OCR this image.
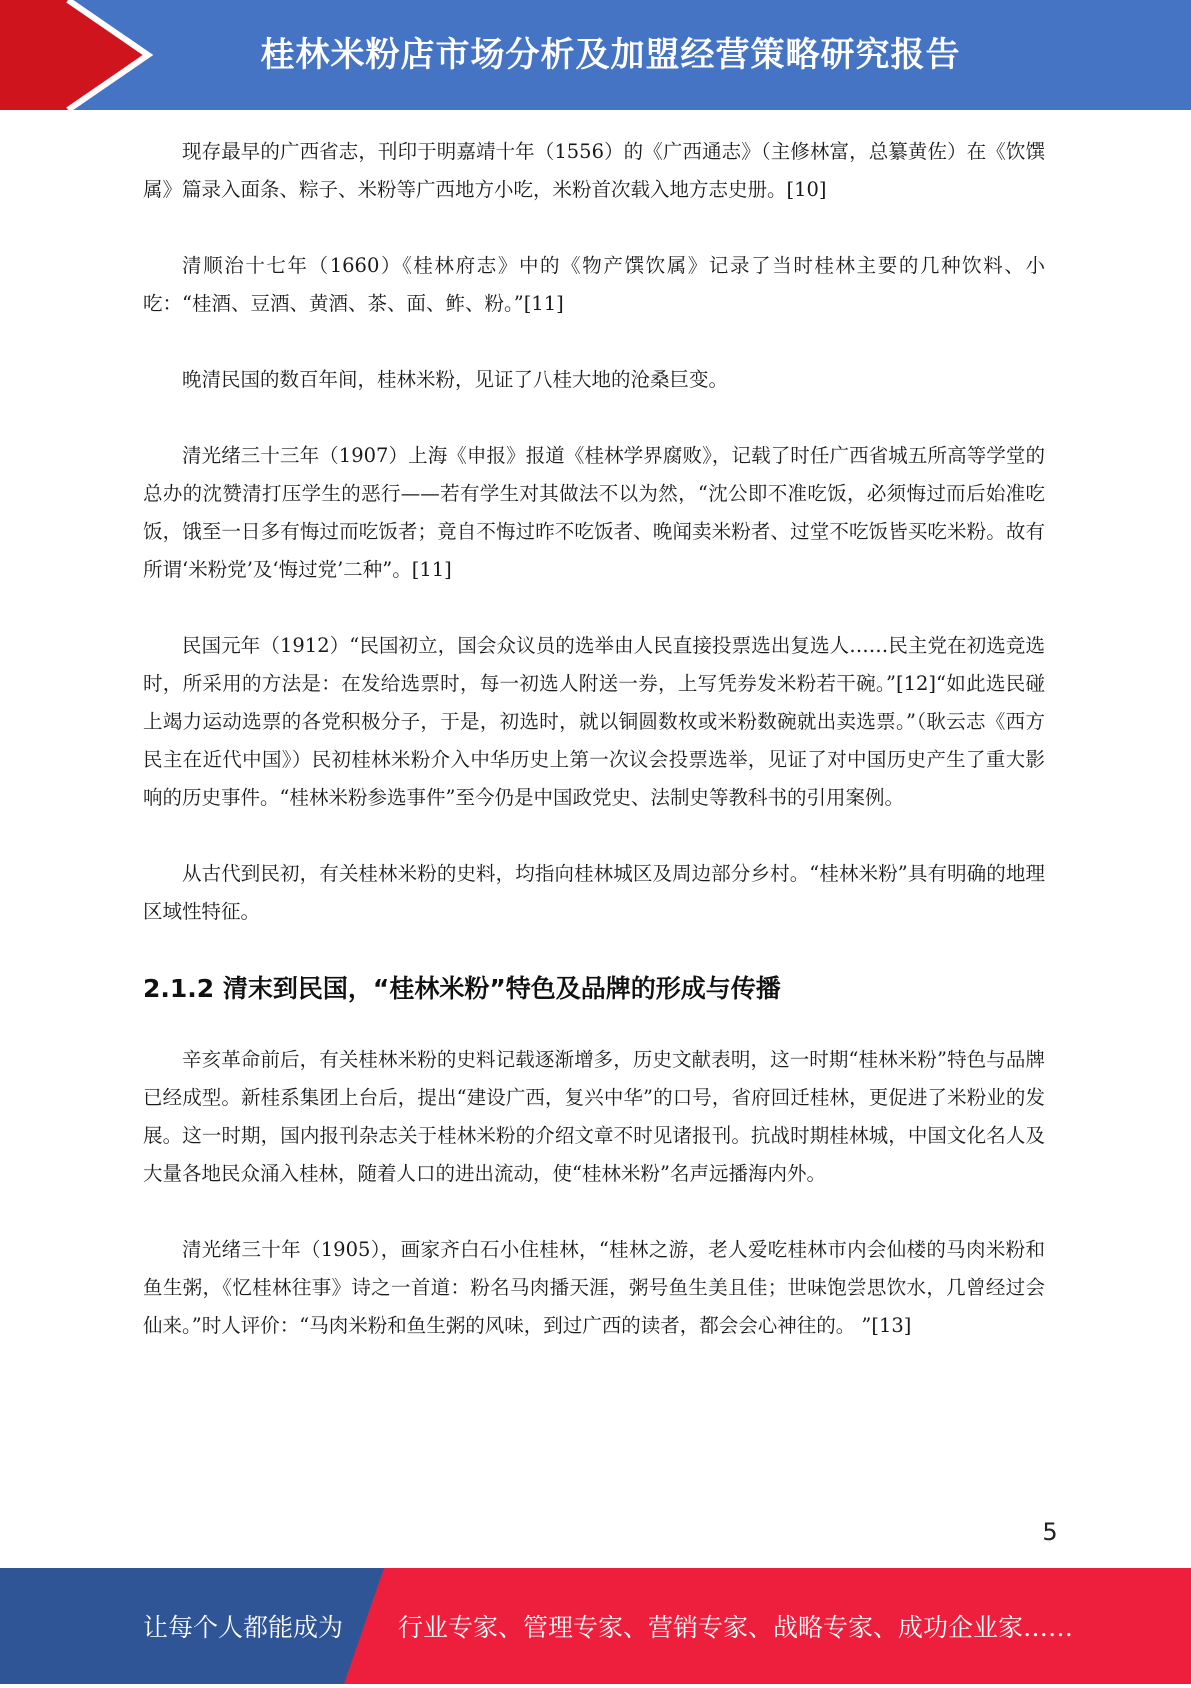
桂林米粉店市场分析及加盟经营策略研究报告

现存最早的广西省志，刊印于明嘉靖十年（1556）的《广西通志》（主修林富，总纂黄佐）在《饮馔属》篇录入面条、粽子、米粉等广西地方小吃，米粉首次载入地方志史册。[10]

清顺治十七年（1660）《桂林府志》中的《物产馔饮属》记录了当时桂林主要的几种饮料、小吃：“桂酒、豆酒、黄酒、茶、面、鲊、粉。”[11]

晚清民国的数百年间，桂林米粉，见证了八桂大地的沧桑巨变。

清光绪三十三年（1907）上海《申报》报道《桂林学界腐败》，记载了时任广西省城五所高等学堂的总办的沈赞清打压学生的恶行——若有学生对其做法不以为然，“沈公即不准吃饭，必须悔过而后始准吃饭，饿至一日多有悔过而吃饭者；竟自不悔过昨不吃饭者、晚闻卖米粉者、过堂不吃饭皆买吃米粉。故有所谓‘米粉党’及‘悔过党’二种”。[11]

民国元年（1912）“民国初立，国会众议员的选举由人民直接投票选出复选人……民主党在初选竞选时，所采用的方法是：在发给选票时，每一初选人附送一券，上写凭券发米粉若干碗。”[12]“如此选民碰上竭力运动选票的各党积极分子，于是，初选时，就以铜圆数枚或米粉数碗就出卖选票。”（耿云志《西方民主在近代中国》）民初桂林米粉介入中华历史上第一次议会投票选举，见证了对中国历史产生了重大影响的历史事件。“桂林米粉参选事件”至今仍是中国政党史、法制史等教科书的引用案例。

从古代到民初，有关桂林米粉的史料，均指向桂林城区及周边部分乡村。“桂林米粉”具有明确的地理区域性特征。

2.1.2 清末到民国，“桂林米粉”特色及品牌的形成与传播

辛亥革命前后，有关桂林米粉的史料记载逐渐增多，历史文献表明，这一时期“桂林米粉”特色与品牌已经成型。新桂系集团上台后，提出“建设广西，复兴中华”的口号，省府回迁桂林，更促进了米粉业的发展。这一时期，国内报刊杂志关于桂林米粉的介绍文章不时见诸报刊。抗战时期桂林城，中国文化名人及大量各地民众涌入桂林，随着人口的进出流动，使“桂林米粉”名声远播海内外。

清光绪三十年（1905），画家齐白石小住桂林，“桂林之游，老人爱吃桂林市内会仙楼的马肉米粉和鱼生粥，《忆桂林往事》诗之一首道：粉名马肉播天涯，粥号鱼生美且佳；世味饱尝思饮水，几曾经过会仙来。”时人评价：“马肉米粉和鱼生粥的风味，到过广西的读者，都会会心神往的。 ”[13]

5
让每个人都能成为 行业专家、管理专家、营销专家、战略专家、成功企业家……
